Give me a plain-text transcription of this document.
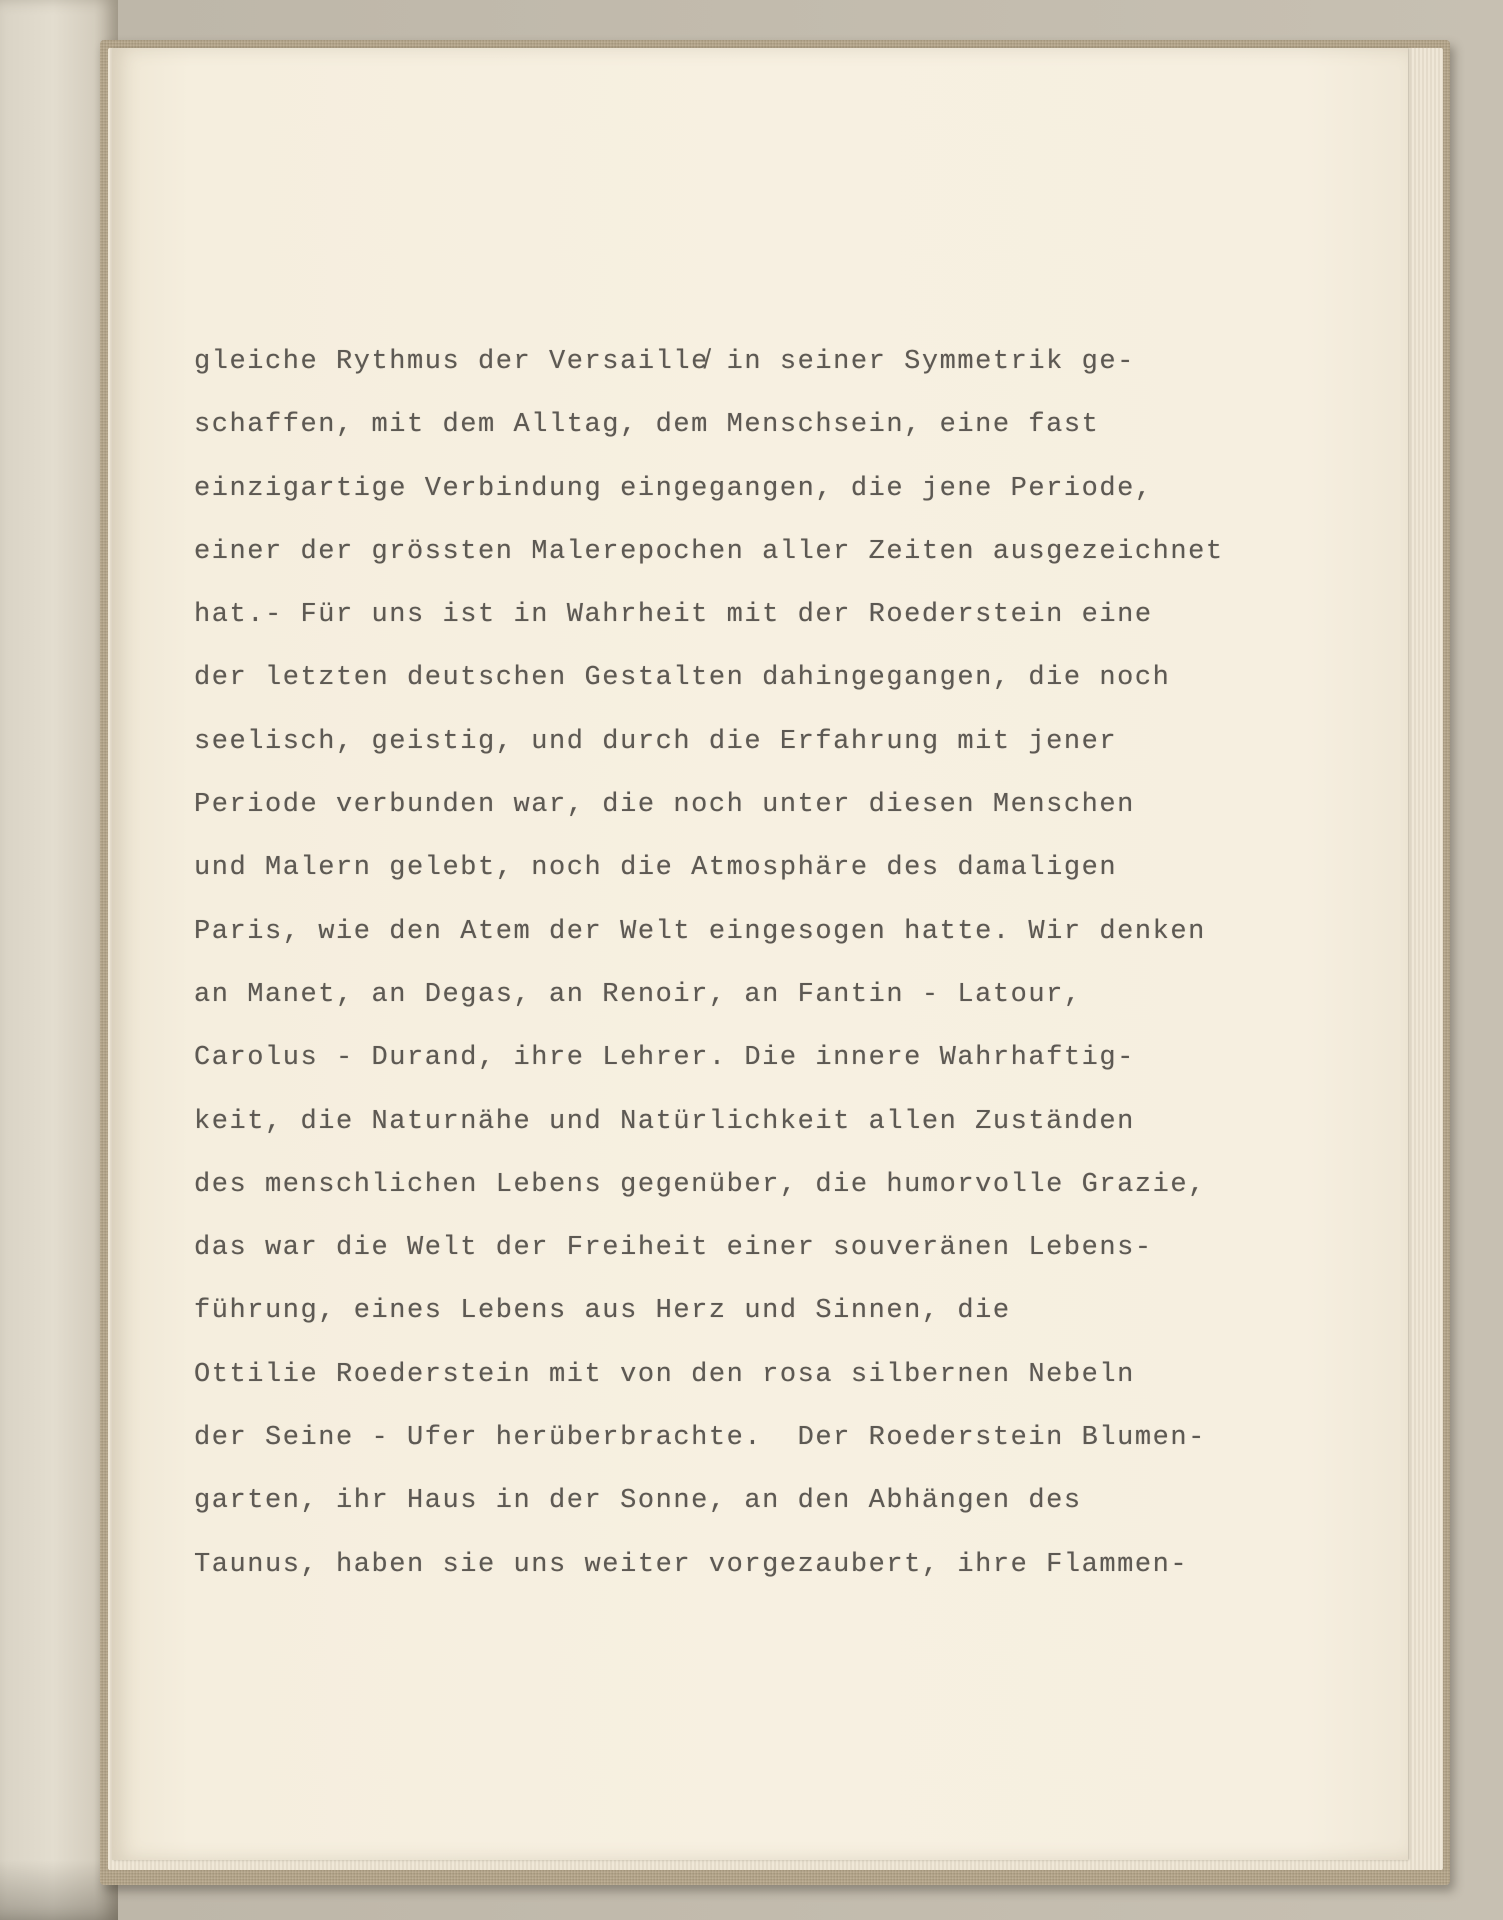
gleiche Rythmus der Versaille̸ in seiner Symmetrik ge-
schaffen, mit dem Alltag, dem Menschsein, eine fast
einzigartige Verbindung eingegangen, die jene Periode,
einer der grössten Malerepochen aller Zeiten ausgezeichnet
hat.- Für uns ist in Wahrheit mit der Roederstein eine
der letzten deutschen Gestalten dahingegangen, die noch
seelisch, geistig, und durch die Erfahrung mit jener
Periode verbunden war, die noch unter diesen Menschen
und Malern gelebt, noch die Atmosphäre des damaligen
Paris, wie den Atem der Welt eingesogen hatte. Wir denken
an Manet, an Degas, an Renoir, an Fantin - Latour,
Carolus - Durand, ihre Lehrer. Die innere Wahrhaftig-
keit, die Naturnähe und Natürlichkeit allen Zuständen
des menschlichen Lebens gegenüber, die humorvolle Grazie,
das war die Welt der Freiheit einer souveränen Lebens-
führung, eines Lebens aus Herz und Sinnen, die
Ottilie Roederstein mit von den rosa silbernen Nebeln
der Seine - Ufer herüberbrachte.  Der Roederstein Blumen-
garten, ihr Haus in der Sonne, an den Abhängen des
Taunus, haben sie uns weiter vorgezaubert, ihre Flammen-
